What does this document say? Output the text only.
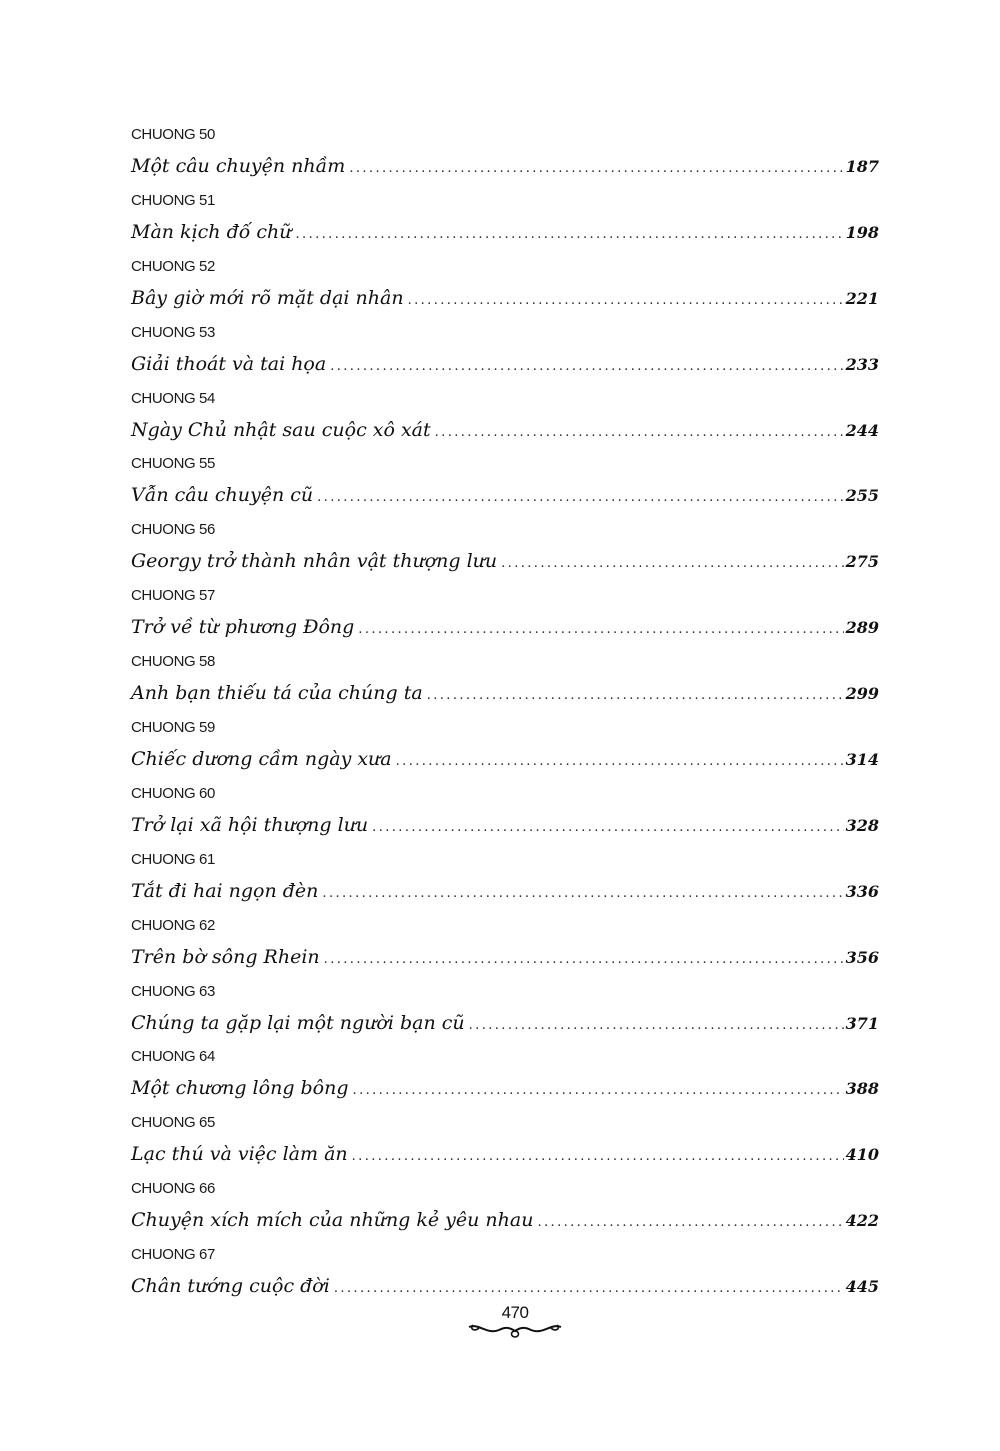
CHUONG 50
Một câu chuyện nhầm .....	187
CHUONG 51
Màn kịch đố chữ .....	198
CHUONG 52
Bây giờ mới rõ mặt dại nhân .....	221
CHUONG 53
Giải thoát và tai họa .....	233
CHUONG 54
Ngày Chủ nhật sau cuộc xô xát .....	244
CHUONG 55
Vẫn câu chuyện cũ .....	255
CHUONG 56
Georgy trở thành nhân vật thượng lưu .....	275
CHUONG 57
Trở về từ phương Đông .....	289
CHUONG 58
Anh bạn thiếu tá của chúng ta .....	299
CHUONG 59
Chiếc dương cầm ngày xưa .....	314
CHUONG 60
Trở lại xã hội thượng lưu .....	328
CHUONG 61
Tắt đi hai ngọn đèn .....	336
CHUONG 62
Trên bờ sông Rhein .....	356
CHUONG 63
Chúng ta gặp lại một người bạn cũ .....	371
CHUONG 64
Một chương lông bông .....	388
CHUONG 65
Lạc thú và việc làm ăn .....	410
CHUONG 66
Chuyện xích mích của những kẻ yêu nhau .....	422
CHUONG 67
Chân tướng cuộc đời .....	445
470
